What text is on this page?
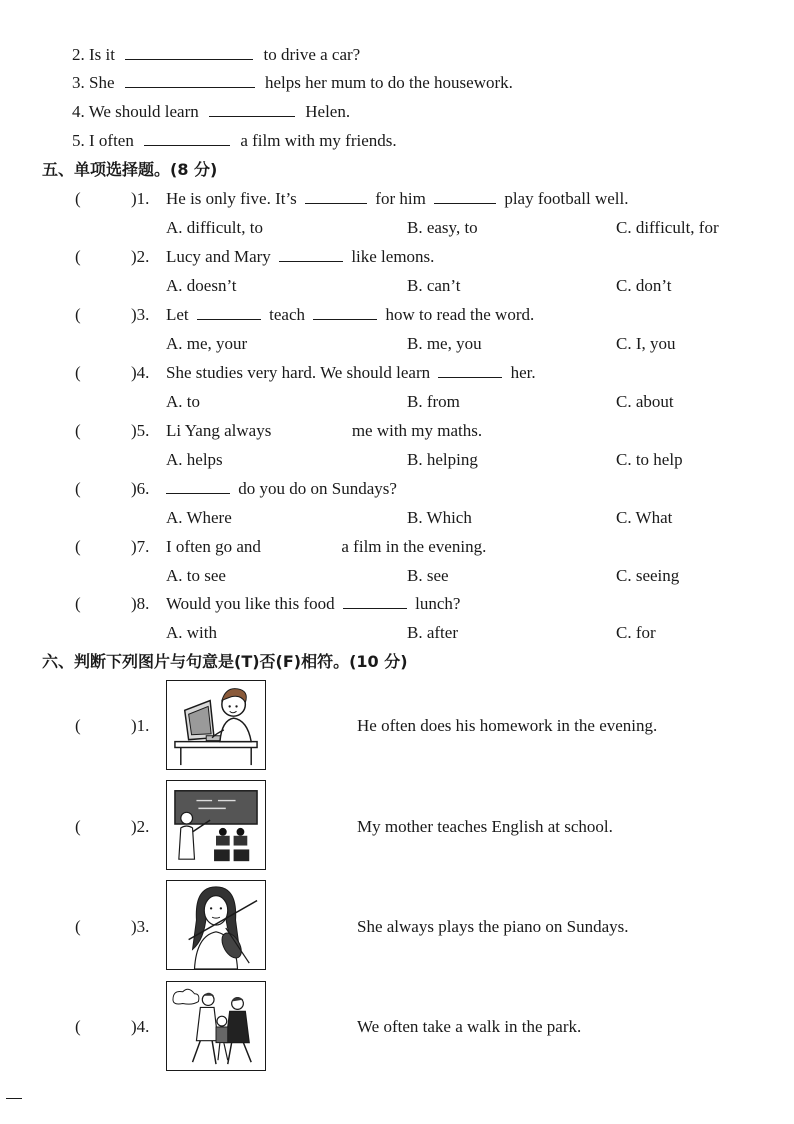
2. Is it	to drive a car?
3. She	helps her mum to do the housework.
4. We should learn	Helen.
5. I often	a film with my friends.
五、单项选择题。(8 分)
(	)1. He is only five. It’s	for him	play football well.
A. difficult, to	B. easy, to	C. difficult, for
(	)2. Lucy and Mary	like lemons.
A. doesn’t	B. can’t	C. don’t
(	)3. Let	teach	how to read the word.
A. me, your	B. me, you	C. I, you
(	)4. She studies very hard. We should learn	her.
A. to	B. from	C. about
(	)5. Li Yang always	me with my maths.
A. helps	B. helping	C. to help
(	)6.	do you do on Sundays?
A. Where	B. Which	C. What
(	)7. I often go and	a film in the evening.
A. to see	B. see	C. seeing
(	)8. Would you like this food	lunch?
A. with	B. after	C. for
六、判断下列图片与句意是(T)否(F)相符。(10 分)
(	)1.	He often does his homework in the evening.
(	)2.	My mother teaches English at school.
(	)3.	She always plays the piano on Sundays.
(	)4.	We often take a walk in the park.
